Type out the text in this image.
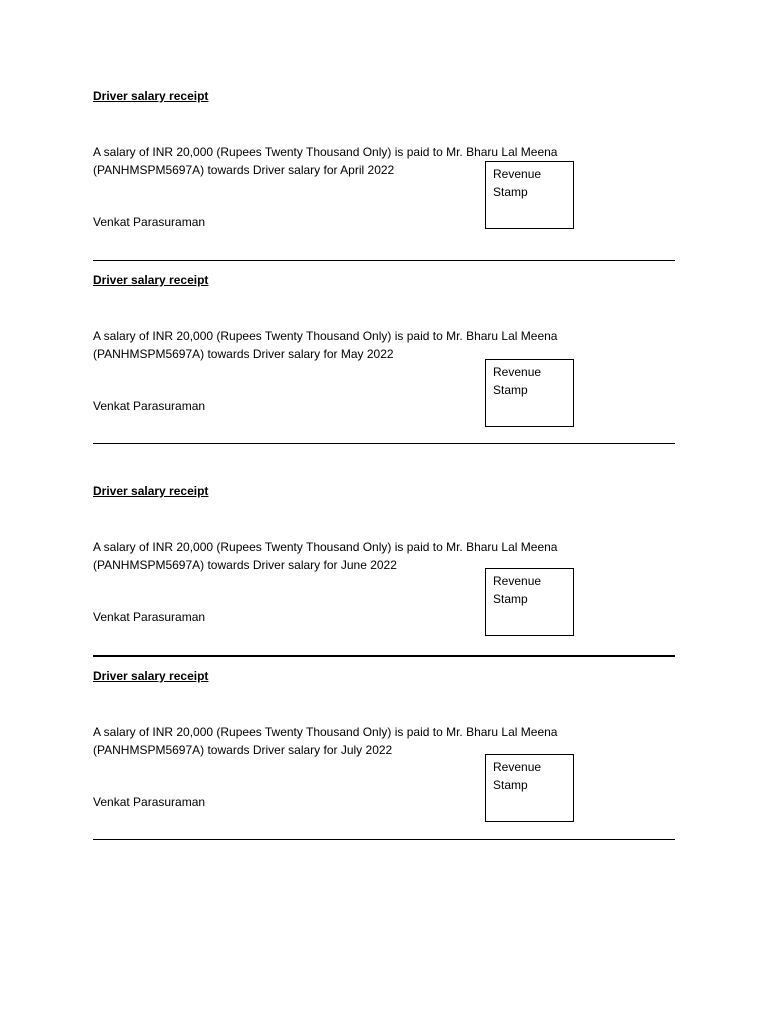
Driver salary receipt
A salary of INR 20,000 (Rupees Twenty Thousand Only) is paid to Mr. Bharu Lal Meena
(PANHMSPM5697A) towards Driver salary for April 2022
Venkat Parasuraman
Revenue
Stamp
Driver salary receipt
A salary of INR 20,000 (Rupees Twenty Thousand Only) is paid to Mr. Bharu Lal Meena
(PANHMSPM5697A) towards Driver salary for May 2022
Venkat Parasuraman
Revenue
Stamp
Driver salary receipt
A salary of INR 20,000 (Rupees Twenty Thousand Only) is paid to Mr. Bharu Lal Meena
(PANHMSPM5697A) towards Driver salary for June 2022
Venkat Parasuraman
Revenue
Stamp
Driver salary receipt
A salary of INR 20,000 (Rupees Twenty Thousand Only) is paid to Mr. Bharu Lal Meena
(PANHMSPM5697A) towards Driver salary for July 2022
Venkat Parasuraman
Revenue
Stamp
